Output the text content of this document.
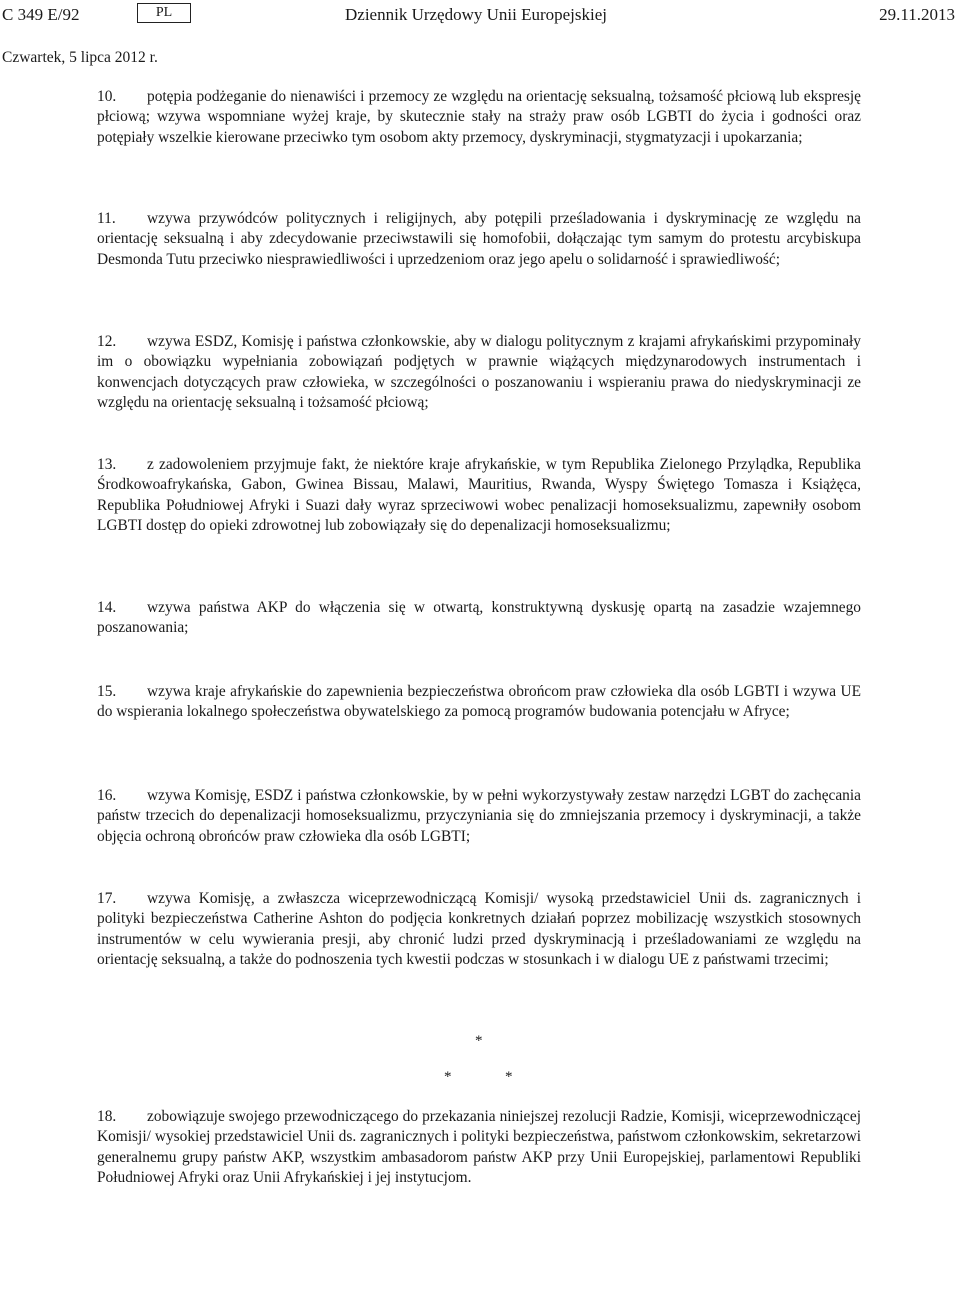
C 349 E/92	PL	Dziennik Urzędowy Unii Europejskiej	29.11.2013
Czwartek, 5 lipca 2012 r.
10. potępia podżeganie do nienawiści i przemocy ze względu na orientację seksualną, tożsamość płciową lub ekspresję płciową; wzywa wspomniane wyżej kraje, by skutecznie stały na straży praw osób LGBTI do życia i godności oraz potępiały wszelkie kierowane przeciwko tym osobom akty przemocy, dyskryminacji, stygmatyzacji i upokarzania;
11. wzywa przywódców politycznych i religijnych, aby potępili prześladowania i dyskryminację ze względu na orientację seksualną i aby zdecydowanie przeciwstawili się homofobii, dołączając tym samym do protestu arcybiskupa Desmonda Tutu przeciwko niesprawiedliwości i uprzedzeniom oraz jego apelu o solidarność i sprawiedliwość;
12. wzywa ESDZ, Komisję i państwa członkowskie, aby w dialogu politycznym z krajami afrykańskimi przypominały im o obowiązku wypełniania zobowiązań podjętych w prawnie wiążących międzynarodowych instrumentach i konwencjach dotyczących praw człowieka, w szczególności o poszanowaniu i wspieraniu prawa do niedyskryminacji ze względu na orientację seksualną i tożsamość płciową;
13. z zadowoleniem przyjmuje fakt, że niektóre kraje afrykańskie, w tym Republika Zielonego Przylądka, Republika Środkowoafrykańska, Gabon, Gwinea Bissau, Malawi, Mauritius, Rwanda, Wyspy Świętego Tomasza i Książęca, Republika Południowej Afryki i Suazi dały wyraz sprzeciwowi wobec penalizacji homoseksualizmu, zapewniły osobom LGBTI dostęp do opieki zdrowotnej lub zobowiązały się do depenalizacji homoseksualizmu;
14. wzywa państwa AKP do włączenia się w otwartą, konstruktywną dyskusję opartą na zasadzie wzajemnego poszanowania;
15. wzywa kraje afrykańskie do zapewnienia bezpieczeństwa obrońcom praw człowieka dla osób LGBTI i wzywa UE do wspierania lokalnego społeczeństwa obywatelskiego za pomocą programów budowania potencjału w Afryce;
16. wzywa Komisję, ESDZ i państwa członkowskie, by w pełni wykorzystywały zestaw narzędzi LGBT do zachęcania państw trzecich do depenalizacji homoseksualizmu, przyczyniania się do zmniejszania przemocy i dyskryminacji, a także objęcia ochroną obrońców praw człowieka dla osób LGBTI;
17. wzywa Komisję, a zwłaszcza wiceprzewodniczącą Komisji/ wysoką przedstawiciel Unii ds. zagranicznych i polityki bezpieczeństwa Catherine Ashton do podjęcia konkretnych działań poprzez mobilizację wszystkich stosownych instrumentów w celu wywierania presji, aby chronić ludzi przed dyskryminacją i prześladowaniami ze względu na orientację seksualną, a także do podnoszenia tych kwestii podczas w stosunkach i w dialogu UE z państwami trzecimi;
*
*	*
18. zobowiązuje swojego przewodniczącego do przekazania niniejszej rezolucji Radzie, Komisji, wiceprzewodniczącej Komisji/ wysokiej przedstawiciel Unii ds. zagranicznych i polityki bezpieczeństwa, państwom członkowskim, sekretarzowi generalnemu grupy państw AKP, wszystkim ambasadorom państw AKP przy Unii Europejskiej, parlamentowi Republiki Południowej Afryki oraz Unii Afrykańskiej i jej instytucjom.
